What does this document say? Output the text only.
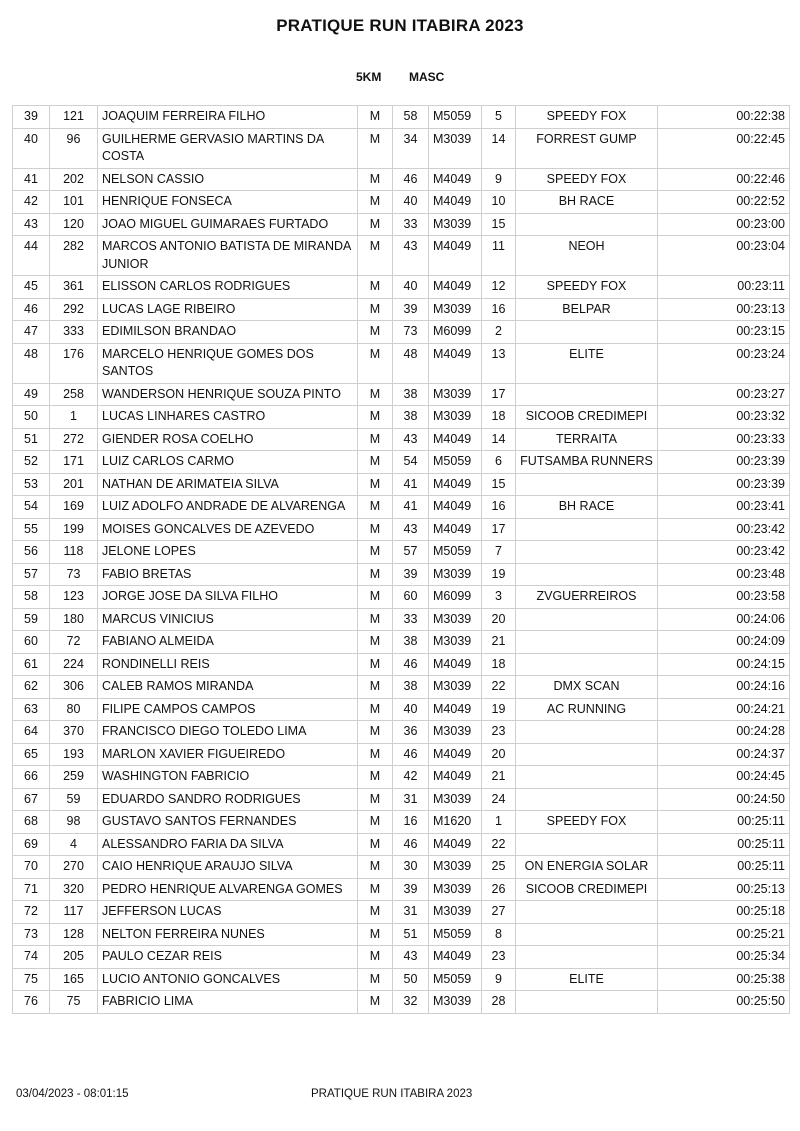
PRATIQUE RUN ITABIRA 2023
5KM MASC
39	121	JOAQUIM FERREIRA FILHO	M	58	M5059	5	SPEEDY FOX	00:22:38
40	96	GUILHERME GERVASIO MARTINS DA COSTA	M	34	M3039	14	FORREST GUMP	00:22:45
41	202	NELSON CASSIO	M	46	M4049	9	SPEEDY FOX	00:22:46
42	101	HENRIQUE FONSECA	M	40	M4049	10	BH RACE	00:22:52
43	120	JOAO MIGUEL GUIMARAES FURTADO	M	33	M3039	15		00:23:00
44	282	MARCOS ANTONIO BATISTA DE MIRANDA JUNIOR	M	43	M4049	11	NEOH	00:23:04
45	361	ELISSON CARLOS RODRIGUES	M	40	M4049	12	SPEEDY FOX	00:23:11
46	292	LUCAS LAGE RIBEIRO	M	39	M3039	16	BELPAR	00:23:13
47	333	EDIMILSON BRANDAO	M	73	M6099	2		00:23:15
48	176	MARCELO HENRIQUE GOMES DOS SANTOS	M	48	M4049	13	ELITE	00:23:24
49	258	WANDERSON HENRIQUE SOUZA PINTO	M	38	M3039	17		00:23:27
50	1	LUCAS LINHARES CASTRO	M	38	M3039	18	SICOOB CREDIMEPI	00:23:32
51	272	GIENDER ROSA COELHO	M	43	M4049	14	TERRAITA	00:23:33
52	171	LUIZ CARLOS CARMO	M	54	M5059	6	FUTSAMBA RUNNERS	00:23:39
53	201	NATHAN DE ARIMATEIA SILVA	M	41	M4049	15		00:23:39
54	169	LUIZ ADOLFO ANDRADE DE ALVARENGA	M	41	M4049	16	BH RACE	00:23:41
55	199	MOISES GONCALVES DE AZEVEDO	M	43	M4049	17		00:23:42
56	118	JELONE LOPES	M	57	M5059	7		00:23:42
57	73	FABIO BRETAS	M	39	M3039	19		00:23:48
58	123	JORGE JOSE DA SILVA FILHO	M	60	M6099	3	ZVGUERREIROS	00:23:58
59	180	MARCUS VINICIUS	M	33	M3039	20		00:24:06
60	72	FABIANO ALMEIDA	M	38	M3039	21		00:24:09
61	224	RONDINELLI REIS	M	46	M4049	18		00:24:15
62	306	CALEB RAMOS MIRANDA	M	38	M3039	22	DMX SCAN	00:24:16
63	80	FILIPE CAMPOS CAMPOS	M	40	M4049	19	AC RUNNING	00:24:21
64	370	FRANCISCO DIEGO TOLEDO LIMA	M	36	M3039	23		00:24:28
65	193	MARLON XAVIER FIGUEIREDO	M	46	M4049	20		00:24:37
66	259	WASHINGTON FABRICIO	M	42	M4049	21		00:24:45
67	59	EDUARDO SANDRO RODRIGUES	M	31	M3039	24		00:24:50
68	98	GUSTAVO SANTOS FERNANDES	M	16	M1620	1	SPEEDY FOX	00:25:11
69	4	ALESSANDRO FARIA DA SILVA	M	46	M4049	22		00:25:11
70	270	CAIO HENRIQUE ARAUJO SILVA	M	30	M3039	25	ON ENERGIA SOLAR	00:25:11
71	320	PEDRO HENRIQUE ALVARENGA GOMES	M	39	M3039	26	SICOOB CREDIMEPI	00:25:13
72	117	JEFFERSON LUCAS	M	31	M3039	27		00:25:18
73	128	NELTON FERREIRA NUNES	M	51	M5059	8		00:25:21
74	205	PAULO CEZAR REIS	M	43	M4049	23		00:25:34
75	165	LUCIO ANTONIO GONCALVES	M	50	M5059	9	ELITE	00:25:38
76	75	FABRICIO LIMA	M	32	M3039	28		00:25:50
03/04/2023 - 08:01:15	PRATIQUE RUN ITABIRA 2023
